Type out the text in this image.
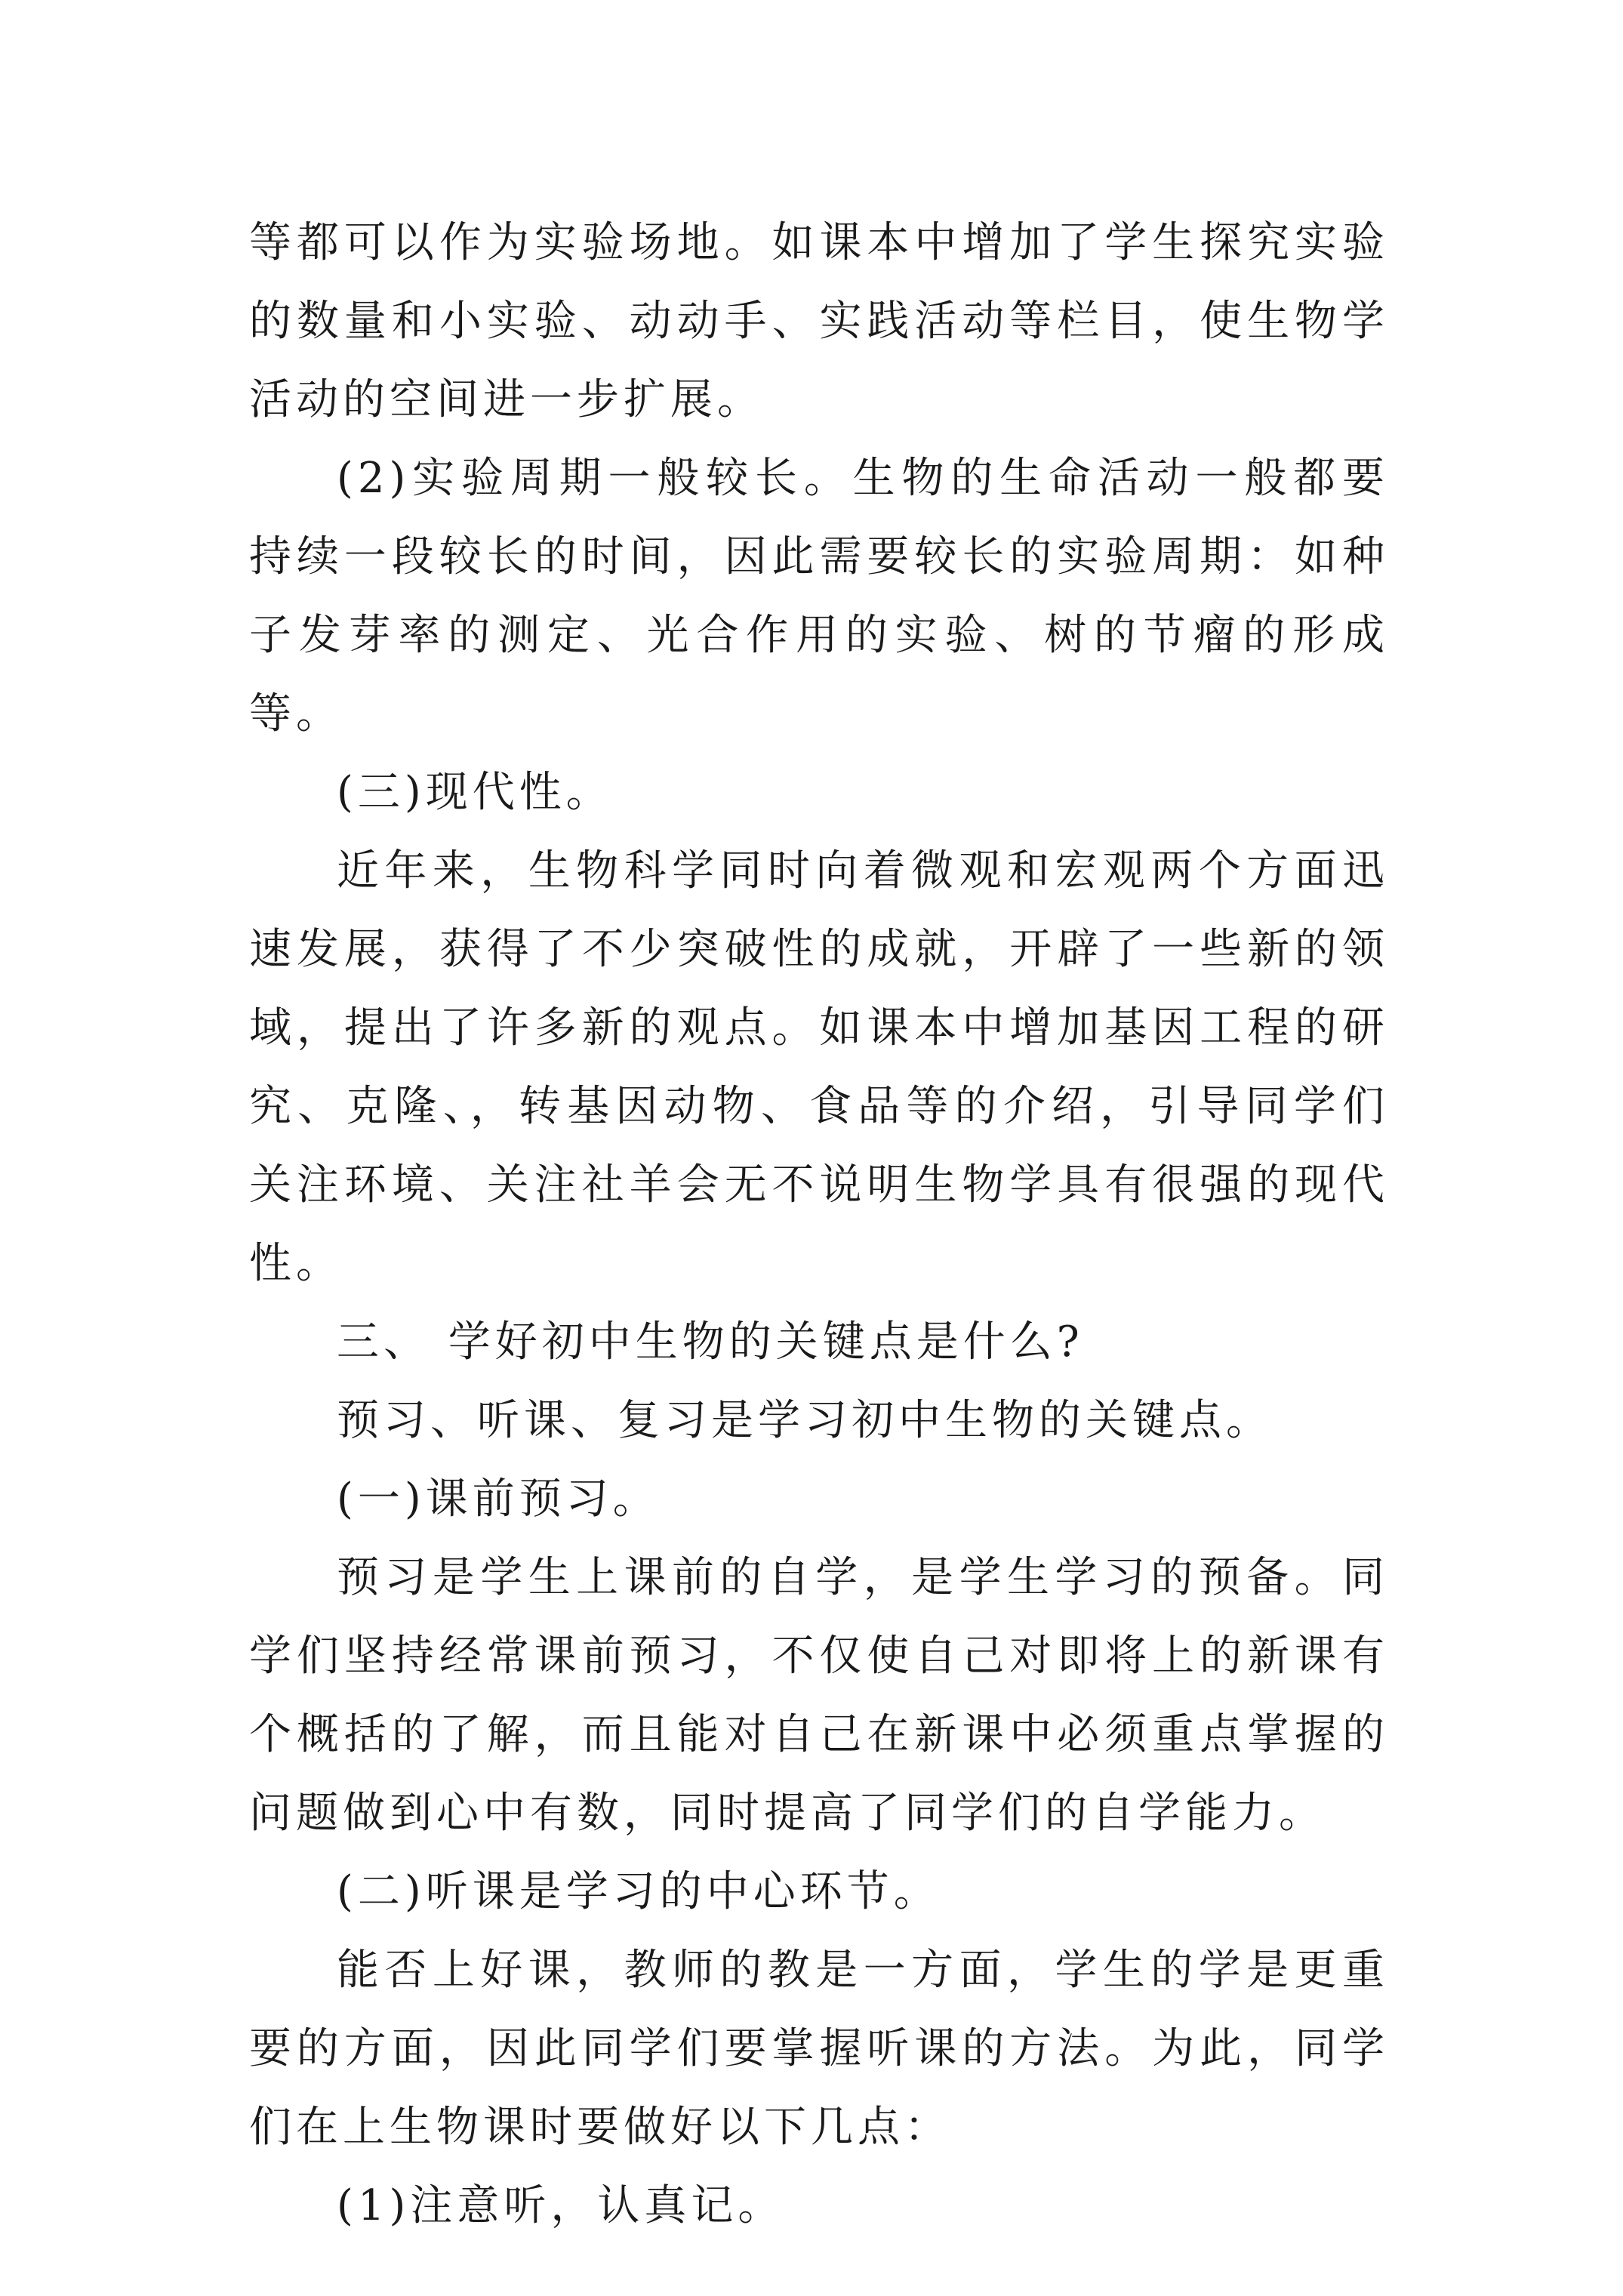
等都可以作为实验场地。如课本中增加了学生探究实验的数量和小实验、动动手、实践活动等栏目，使生物学活动的空间进一步扩展。

(2)实验周期一般较长。生物的生命活动一般都要持续一段较长的时间，因此需要较长的实验周期：如种子发芽率的测定、光合作用的实验、树的节瘤的形成等。

(三)现代性。

近年来，生物科学同时向着微观和宏观两个方面迅速发展，获得了不少突破性的成就，开辟了一些新的领域，提出了许多新的观点。如课本中增加基因工程的研究、克隆、，转基因动物、食品等的介绍，引导同学们关注环境、关注社羊会无不说明生物学具有很强的现代性。

三、 学好初中生物的关键点是什么?

预习、听课、复习是学习初中生物的关键点。

(一)课前预习。

预习是学生上课前的自学，是学生学习的预备。同学们坚持经常课前预习，不仅使自己对即将上的新课有个概括的了解，而且能对自己在新课中必须重点掌握的问题做到心中有数，同时提高了同学们的自学能力。

(二)听课是学习的中心环节。

能否上好课，教师的教是一方面，学生的学是更重要的方面，因此同学们要掌握听课的方法。为此，同学们在上生物课时要做好以下几点：

(1)注意听，认真记。
